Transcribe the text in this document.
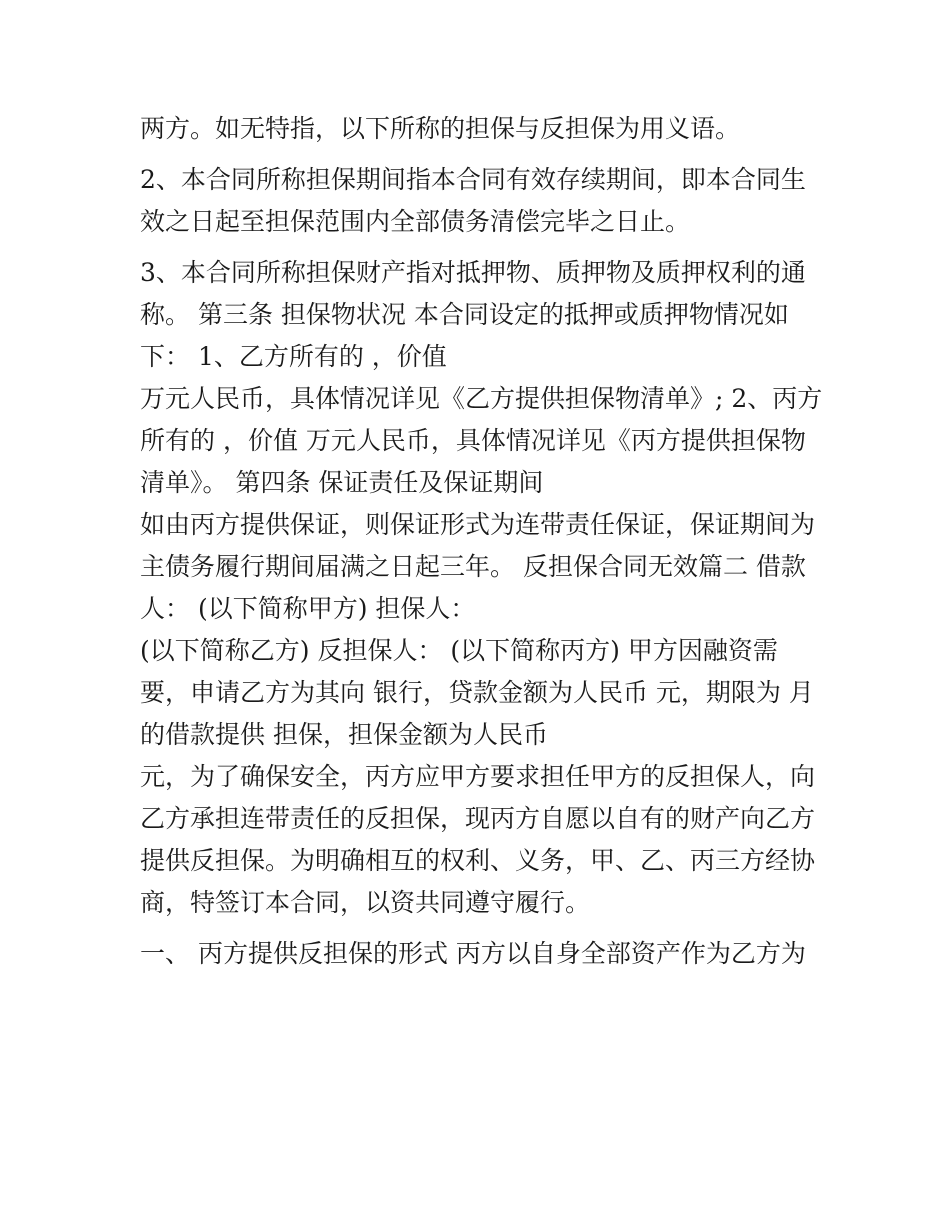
两方。如无特指，以下所称的担保与反担保为用义语。
2、本合同所称担保期间指本合同有效存续期间，即本合同生
效之日起至担保范围内全部债务清偿完毕之日止。
3、本合同所称担保财产指对抵押物、质押物及质押权利的通
称。 第三条 担保物状况 本合同设定的抵押或质押物情况如
下： 1、乙方所有的 ，价值
万元人民币，具体情况详见《乙方提供担保物清单》; 2、丙方
所有的 ，价值 万元人民币，具体情况详见《丙方提供担保物
清单》。 第四条 保证责任及保证期间
如由丙方提供保证，则保证形式为连带责任保证，保证期间为
主债务履行期间届满之日起三年。 反担保合同无效篇二 借款
人： (以下简称甲方) 担保人：
(以下简称乙方) 反担保人： (以下简称丙方) 甲方因融资需
要，申请乙方为其向 银行，贷款金额为人民币 元，期限为 月
的借款提供 担保，担保金额为人民币
元，为了确保安全，丙方应甲方要求担任甲方的反担保人，向
乙方承担连带责任的反担保，现丙方自愿以自有的财产向乙方
提供反担保。为明确相互的权利、义务，甲、乙、丙三方经协
商，特签订本合同，以资共同遵守履行。
一、 丙方提供反担保的形式 丙方以自身全部资产作为乙方为
